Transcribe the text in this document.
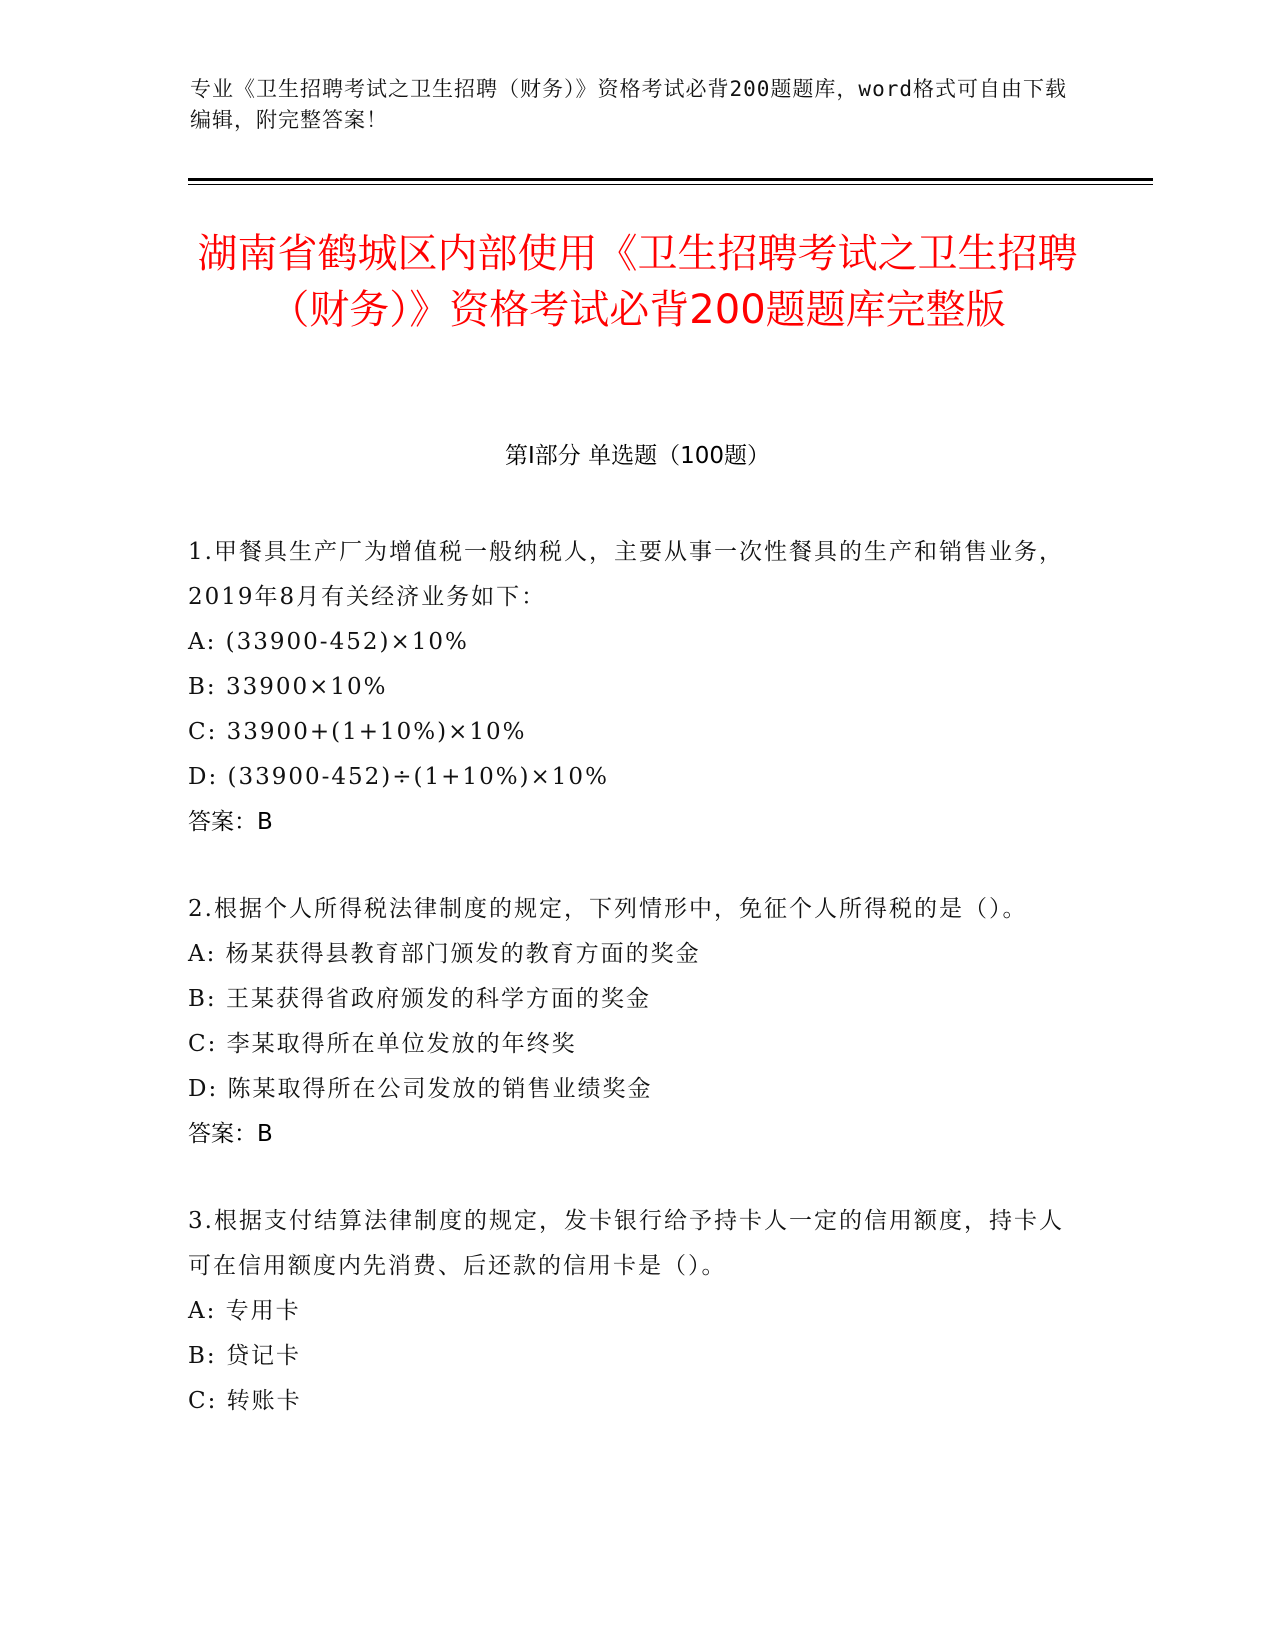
专业《卫生招聘考试之卫生招聘（财务）》资格考试必背200题题库，word格式可自由下载编辑，附完整答案！
湖南省鹤城区内部使用《卫生招聘考试之卫生招聘（财务）》资格考试必背200题题库完整版
第I部分 单选题（100题）
1.甲餐具生产厂为增值税一般纳税人，主要从事一次性餐具的生产和销售业务，2019年8月有关经济业务如下：
A: (33900-452)×10%
B: 33900×10%
C: 33900+(1+10%)×10%
D: (33900-452)÷(1+10%)×10%
答案：B
2.根据个人所得税法律制度的规定，下列情形中，免征个人所得税的是（）。
A: 杨某获得县教育部门颁发的教育方面的奖金
B: 王某获得省政府颁发的科学方面的奖金
C: 李某取得所在单位发放的年终奖
D: 陈某取得所在公司发放的销售业绩奖金
答案：B
3.根据支付结算法律制度的规定，发卡银行给予持卡人一定的信用额度，持卡人可在信用额度内先消费、后还款的信用卡是（）。
A: 专用卡
B: 贷记卡
C: 转账卡
